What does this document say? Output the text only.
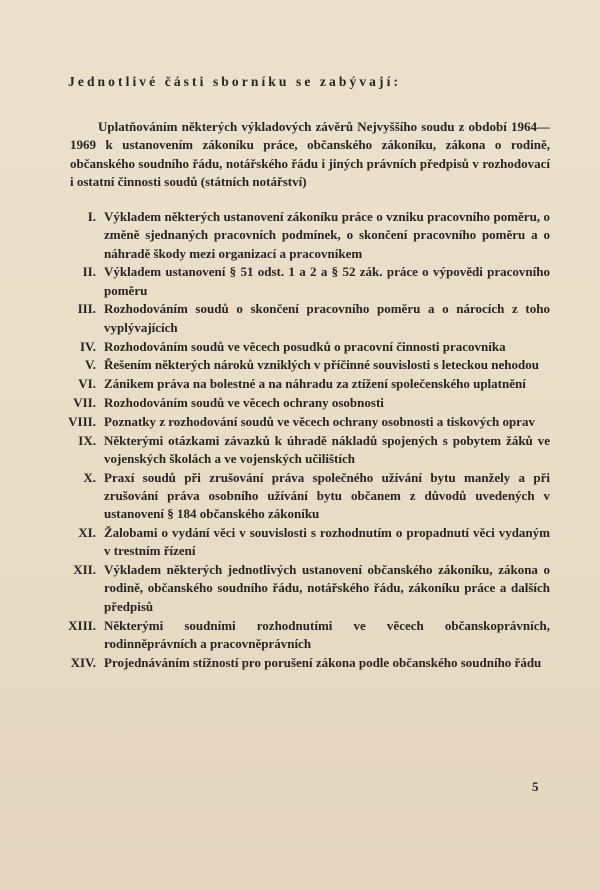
Jednotlivé části sborníku se zabývají:
Uplatňováním některých výkladových závěrů Nejvyššího soudu z období 1964—1969 k ustanovením zákoníku práce, občanského zákoníku, zákona o rodině, občanského soudního řádu, notářského řádu i jiných právních předpisů v rozhodovací i ostatní činnosti soudů (státních notářství)
I. Výkladem některých ustanovení zákoníku práce o vzniku pracovního poměru, o změně sjednaných pracovních podmínek, o skončení pracovního poměru a o náhradě škody mezi organizací a pracovníkem
II. Výkladem ustanovení § 51 odst. 1 a 2 a § 52 zák. práce o výpovědi pracovního poměru
III. Rozhodováním soudů o skončení pracovního poměru a o nárocích z toho vyplývajících
IV. Rozhodováním soudů ve věcech posudků o pracovní činnosti pracovníka
V. Řešením některých nároků vzniklých v příčinné souvislosti s leteckou nehodou
VI. Zánikem práva na bolestné a na náhradu za ztížení společenského uplatnění
VII. Rozhodováním soudů ve věcech ochrany osobnosti
VIII. Poznatky z rozhodování soudů ve věcech ochrany osobnosti a tiskových oprav
IX. Některými otázkami závazků k úhradě nákladů spojených s pobytem žáků ve vojenských školách a ve vojenských učilištích
X. Praxí soudů při zrušování práva společného užívání bytu manžely a při zrušování práva osobního užívání bytu občanem z důvodů uvedených v ustanovení § 184 občanského zákoníku
XI. Žalobami o vydání věci v souvislosti s rozhodnutím o propadnutí věci vydaným v trestním řízení
XII. Výkladem některých jednotlivých ustanovení občanského zákoníku, zákona o rodině, občanského soudního řádu, notářského řádu, zákoníku práce a dalších předpisů
XIII. Některými soudními rozhodnutími ve věcech občanskoprávních, rodinněprávních a pracovněprávních
XIV. Projednáváním stížností pro porušení zákona podle občanského soudního řádu
5
